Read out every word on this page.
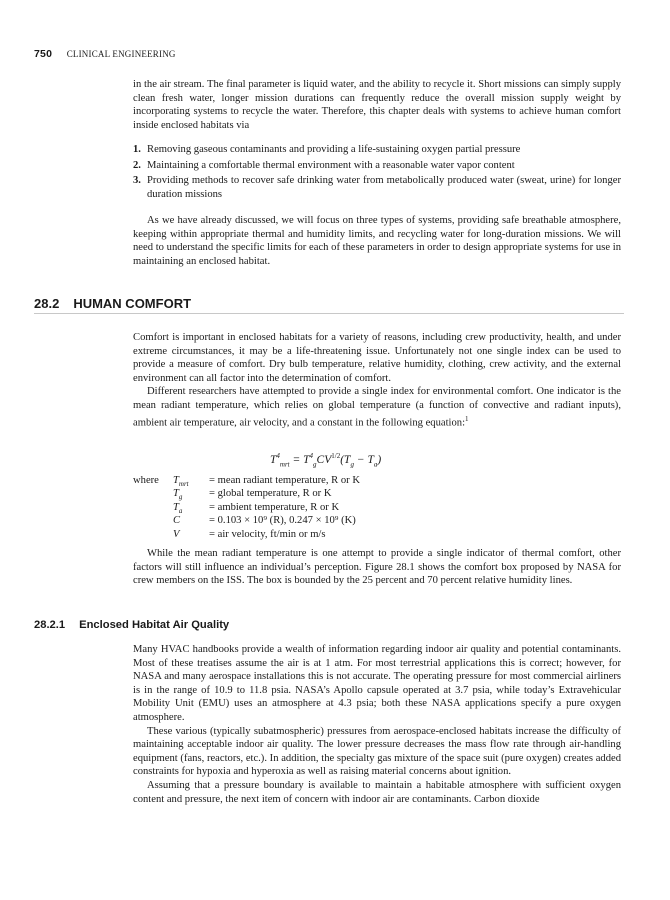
750 CLINICAL ENGINEERING

in the air stream. The final parameter is liquid water, and the ability to recycle it. Short missions can simply supply clean fresh water, longer mission durations can frequently reduce the overall mission supply weight by incorporating systems to recycle the water. Therefore, this chapter deals with systems to achieve human comfort inside enclosed habitats via

1. Removing gaseous contaminants and providing a life-sustaining oxygen partial pressure
2. Maintaining a comfortable thermal environment with a reasonable water vapor content
3. Providing methods to recover safe drinking water from metabolically produced water (sweat, urine) for longer duration missions

As we have already discussed, we will focus on three types of systems, providing safe breathable atmosphere, keeping within appropriate thermal and humidity limits, and recycling water for long-duration missions. We will need to understand the specific limits for each of these parameters in order to design appropriate systems for use in maintaining an enclosed habitat.

28.2 HUMAN COMFORT

Comfort is important in enclosed habitats for a variety of reasons, including crew productivity, health, and under extreme circumstances, it may be a life-threatening issue. Unfortunately not one single index can be used to provide a measure of comfort. Dry bulb temperature, relative humidity, clothing, crew activity, and the external environment can all factor into the determination of comfort.

Different researchers have attempted to provide a single index for environmental comfort. One indicator is the mean radiant temperature, which relies on global temperature (a function of convective and radiant inputs), ambient air temperature, air velocity, and a constant in the following equation:$^1$

$T^4_{mrt} = T^4_gCV^{1/2}(T_g - T_a)$
where	$T_{mrt}$	= mean radiant temperature, R or K
$T_g$	= global temperature, R or K
$T_a$	= ambient temperature, R or K
C	= 0.103 × 10⁹ (R), 0.247 × 10⁹ (K)
V	= air velocity, ft/min or m/s

While the mean radiant temperature is one attempt to provide a single indicator of thermal comfort, other factors will still influence an individual’s perception. Figure 28.1 shows the comfort box proposed by NASA for crew members on the ISS. The box is bounded by the 25 percent and 70 percent relative humidity lines.

28.2.1 Enclosed Habitat Air Quality

Many HVAC handbooks provide a wealth of information regarding indoor air quality and potential contaminants. Most of these treatises assume the air is at 1 atm. For most terrestrial applications this is correct; however, for NASA and many aerospace installations this is not accurate. The operating pressure for most commercial airliners is in the range of 10.9 to 11.8 psia. NASA’s Apollo capsule operated at 3.7 psia, while today’s Extravehicular Mobility Unit (EMU) uses an atmosphere at 4.3 psia; both these NASA applications specify a pure oxygen atmosphere.

These various (typically subatmospheric) pressures from aerospace-enclosed habitats increase the difficulty of maintaining acceptable indoor air quality. The lower pressure decreases the mass flow rate through air-handling equipment (fans, reactors, etc.). In addition, the specialty gas mixture of the space suit (pure oxygen) creates added constraints for hypoxia and hyperoxia as well as raising material concerns about ignition.

Assuming that a pressure boundary is available to maintain a habitable atmosphere with sufficient oxygen content and pressure, the next item of concern with indoor air are contaminants. Carbon dioxide
